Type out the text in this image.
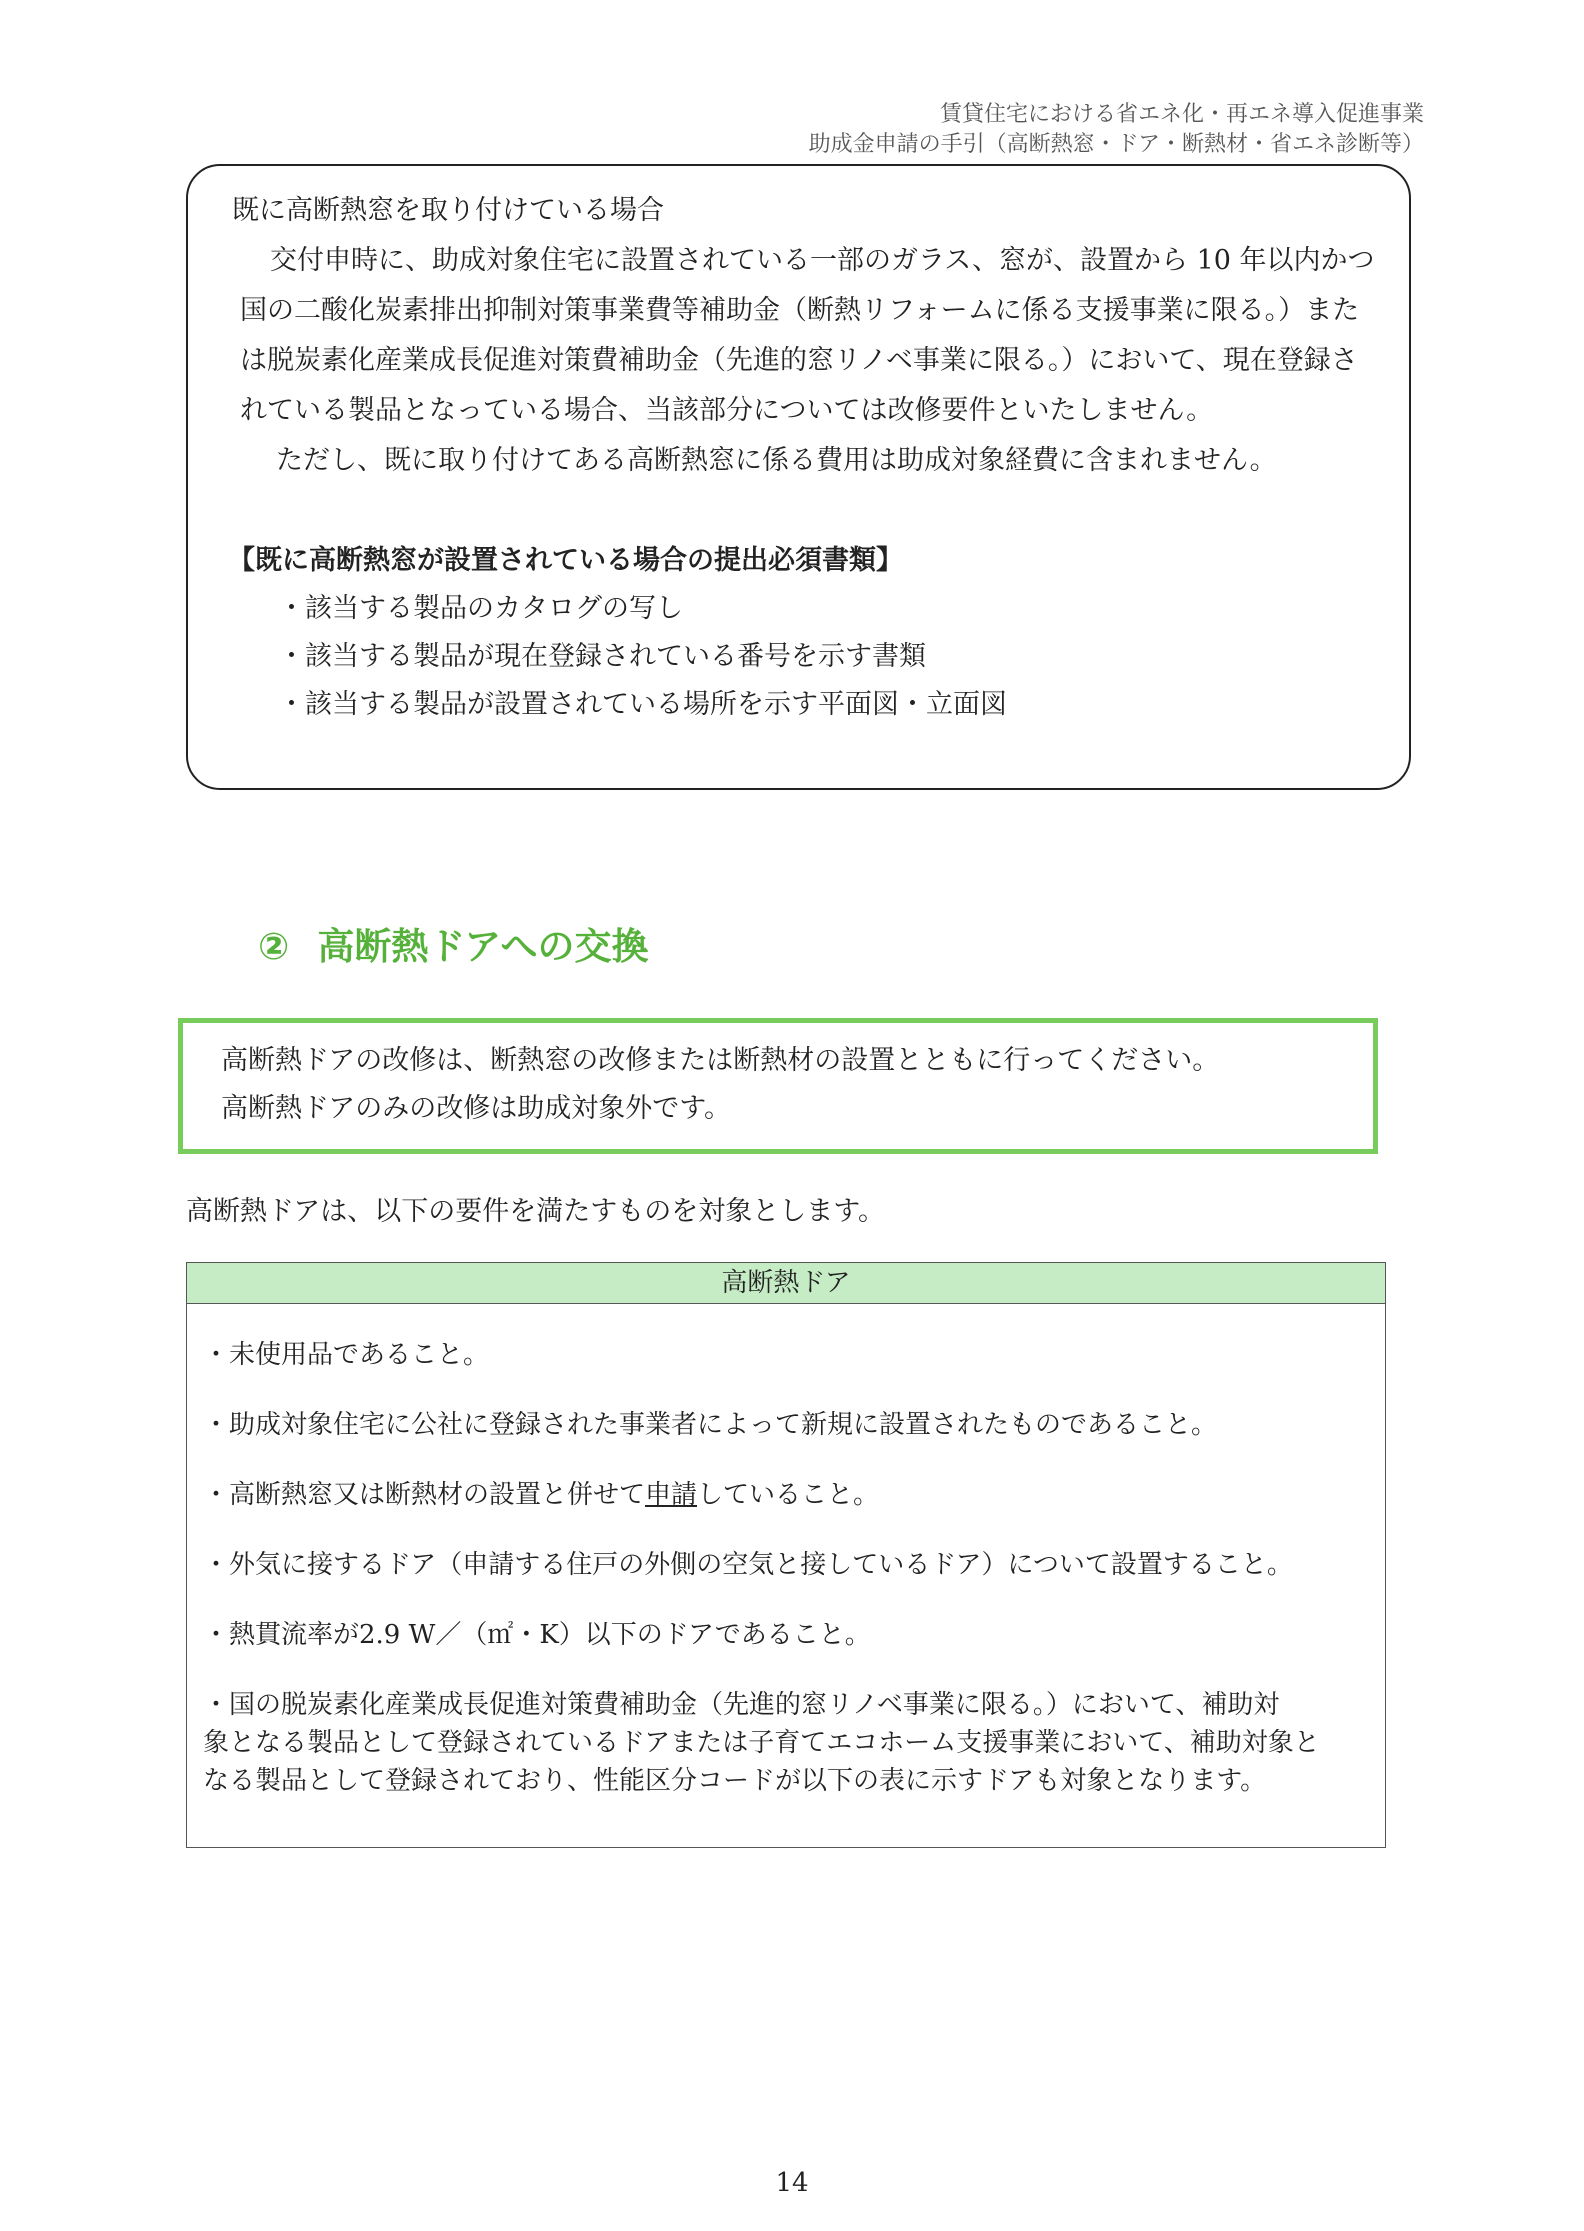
賃貸住宅における省エネ化・再エネ導入促進事業
助成金申請の手引（高断熱窓・ドア・断熱材・省エネ診断等）
既に高断熱窓を取り付けている場合
交付申時に、助成対象住宅に設置されている一部のガラス、窓が、設置から 10 年以内かつ
国の二酸化炭素排出抑制対策事業費等補助金（断熱リフォームに係る支援事業に限る。）また
は脱炭素化産業成長促進対策費補助金（先進的窓リノベ事業に限る。）において、現在登録さ
れている製品となっている場合、当該部分については改修要件といたしません。
ただし、既に取り付けてある高断熱窓に係る費用は助成対象経費に含まれません。
【既に高断熱窓が設置されている場合の提出必須書類】
・該当する製品のカタログの写し
・該当する製品が現在登録されている番号を示す書類
・該当する製品が設置されている場所を示す平面図・立面図
② 高断熱ドアへの交換
高断熱ドアの改修は、断熱窓の改修または断熱材の設置とともに行ってください。
高断熱ドアのみの改修は助成対象外です。
高断熱ドアは、以下の要件を満たすものを対象とします。
高断熱ドア
・未使用品であること。
・助成対象住宅に公社に登録された事業者によって新規に設置されたものであること。
・高断熱窓又は断熱材の設置と併せて申請していること。
・外気に接するドア（申請する住戸の外側の空気と接しているドア）について設置すること。
・熱貫流率が2.9 W／（㎡・K）以下のドアであること。
・国の脱炭素化産業成長促進対策費補助金（先進的窓リノベ事業に限る。）において、補助対
象となる製品として登録されているドアまたは子育てエコホーム支援事業において、補助対象と
なる製品として登録されており、性能区分コードが以下の表に示すドアも対象となります。
14
